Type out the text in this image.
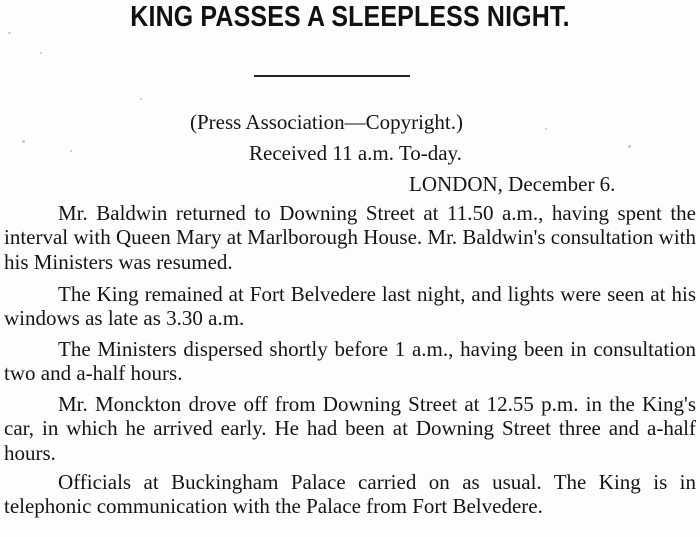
KING PASSES A SLEEPLESS NIGHT.
(Press Association—Copyright.)
Received 11 a.m. To-day.
LONDON, December 6.
Mr. Baldwin returned to Downing Street at 11.50 a.m., having spent the interval with Queen Mary at Marlborough House. Mr. Baldwin's consultation with his Ministers was resumed.
The King remained at Fort Belvedere last night, and lights were seen at his windows as late as 3.30 a.m.
The Ministers dispersed shortly before 1 a.m., having been in consultation two and a-half hours.
Mr. Monckton drove off from Downing Street at 12.55 p.m. in the King's car, in which he arrived early. He had been at Downing Street three and a-half hours.
Officials at Buckingham Palace carried on as usual. The King is in telephonic communication with the Palace from Fort Belvedere.
